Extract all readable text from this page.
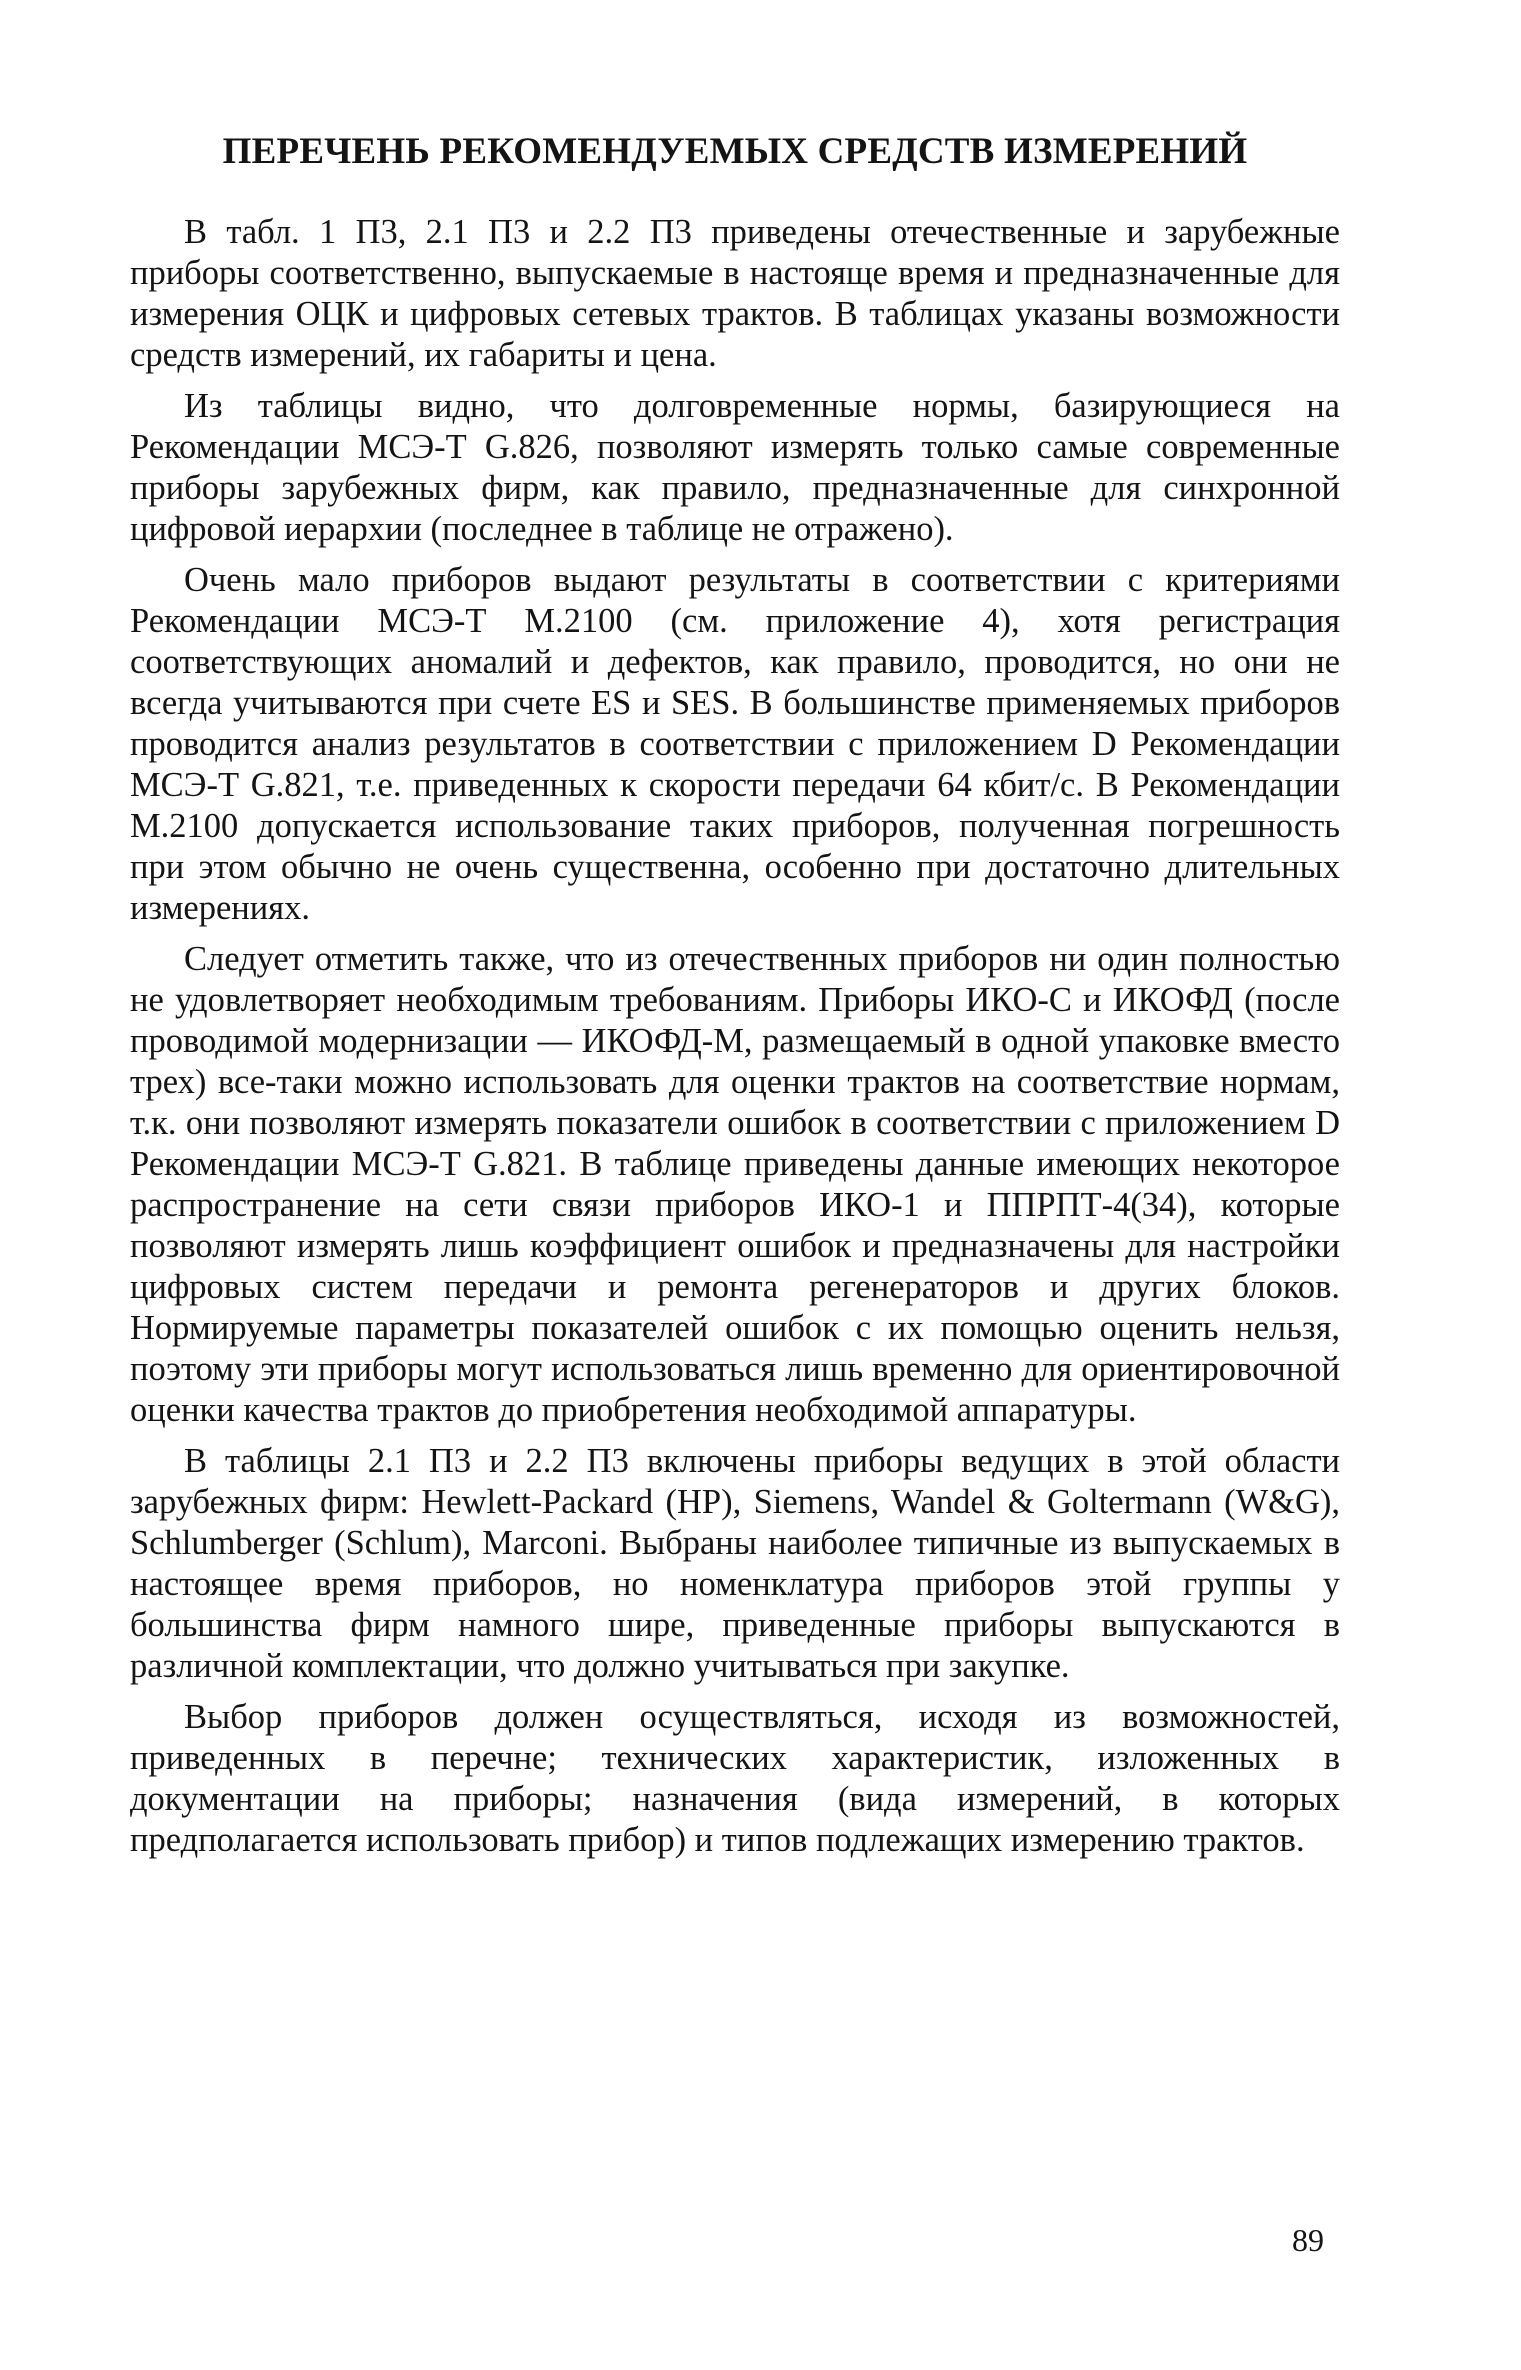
ПЕРЕЧЕНЬ РЕКОМЕНДУЕМЫХ СРЕДСТВ ИЗМЕРЕНИЙ

В табл. 1 П3, 2.1 П3 и 2.2 П3 приведены отечественные и зарубежные приборы соответственно, выпускаемые в настояще время и предназначенные для измерения ОЦК и цифровых сетевых трактов. В таблицах указаны возможности средств измерений, их габариты и цена.

Из таблицы видно, что долговременные нормы, базирующиеся на Рекомендации МСЭ-Т G.826, позволяют измерять только самые современные приборы зарубежных фирм, как правило, предназначенные для синхронной цифровой иерархии (последнее в таблице не отражено).

Очень мало приборов выдают результаты в соответствии с критериями Рекомендации МСЭ-Т М.2100 (см. приложение 4), хотя регистрация соответствующих аномалий и дефектов, как правило, проводится, но они не всегда учитываются при счете ES и SES. В большинстве применяемых приборов проводится анализ результатов в соответствии с приложением D Рекомендации МСЭ-Т G.821, т.е. приведенных к скорости передачи 64 кбит/с. В Рекомендации М.2100 допускается использование таких приборов, полученная погрешность при этом обычно не очень существенна, особенно при достаточно длительных измерениях.

Следует отметить также, что из отечественных приборов ни один полностью не удовлетворяет необходимым требованиям. Приборы ИКО-С и ИКОФД (после проводимой модернизации — ИКОФД-М, размещаемый в одной упаковке вместо трех) все-таки можно использовать для оценки трактов на соответствие нормам, т.к. они позволяют измерять показатели ошибок в соответствии с приложением D Рекомендации МСЭ-Т G.821. В таблице приведены данные имеющих некоторое распространение на сети связи приборов ИКО-1 и ППРПТ-4(34), которые позволяют измерять лишь коэффициент ошибок и предназначены для настройки цифровых систем передачи и ремонта регенераторов и других блоков. Нормируемые параметры показателей ошибок с их помощью оценить нельзя, поэтому эти приборы могут использоваться лишь временно для ориентировочной оценки качества трактов до приобретения необходимой аппаратуры.

В таблицы 2.1 П3 и 2.2 П3 включены приборы ведущих в этой области зарубежных фирм: Hewlett-Packard (HP), Siemens, Wandel & Goltermann (W&G), Schlumberger (Schlum), Marconi. Выбраны наиболее типичные из выпускаемых в настоящее время приборов, но номенклатура приборов этой группы у большинства фирм намного шире, приведенные приборы выпускаются в различной комплектации, что должно учитываться при закупке.

Выбор приборов должен осуществляться, исходя из возможностей, приведенных в перечне; технических характеристик, изложенных в документации на приборы; назначения (вида измерений, в которых предполагается использовать прибор) и типов подлежащих измерению трактов.

89
